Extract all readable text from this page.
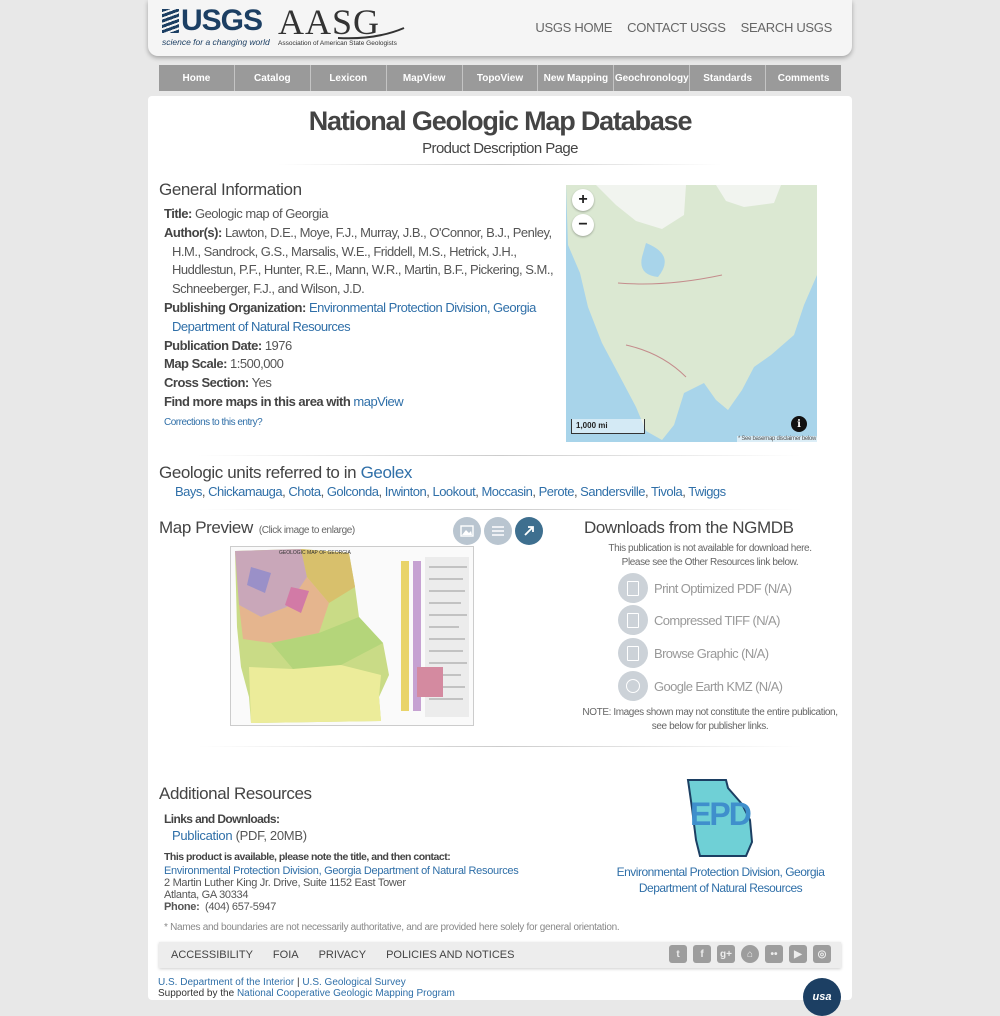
USGS
science for a changing world AASG
Association of American State Geologists
USGS HOME CONTACT USGS SEARCH USGS
Home	Catalog	Lexicon	MapView	TopoView	New Mapping Geochronology	Standards	Comments
National Geologic Map Database
Product Description Page
General Information
Title: Geologic map of Georgia
Author(s): Lawton, D.E., Moye, F.J., Murray, J.B., O'Connor, B.J., Penley, H.M., Sandrock, G.S., Marsalis, W.E., Friddell, M.S., Hetrick, J.H., Huddlestun, P.F., Hunter, R.E., Mann, W.R., Martin, B.F., Pickering, S.M., Schneeberger, F.J., and Wilson, J.D.
Publishing Organization: Environmental Protection Division, Georgia Department of Natural Resources
Publication Date: 1976
Map Scale: 1:500,000
Cross Section: Yes
Find more maps in this area with mapView
Corrections to this entry?
+
−
1,000 mi	i
* See basemap disclaimer below
Geologic units referred to in Geolex
Bays, Chickamauga, Chota, Golconda, Irwinton, Lookout, Moccasin, Perote, Sandersville, Tivola, Twiggs
Map Preview (Click image to enlarge)
GEOLOGIC MAP OF GEORGIA
Downloads from the NGMDB
This publication is not available for download here.
Please see the Other Resources link below.
Print Optimized PDF
(N/A)
Compressed TIFF
(N/A)
Browse Graphic
(N/A)
Google Earth KMZ
(N/A)
NOTE: Images shown may not constitute the entire publication,
see below for publisher links.
Additional Resources
Links and Downloads:
Publication (PDF, 20MB)
This product is available, please note the title, and then contact:
Environmental Protection Division, Georgia Department of Natural Resources
2 Martin Luther King Jr. Drive, Suite 1152 East Tower
Atlanta, GA 30334
Phone: (404) 657-5947
EPD
Environmental Protection Division, Georgia Department of Natural Resources
* Names and boundaries are not necessarily authoritative, and are provided here solely for general orientation.
ACCESSIBILITY FOIA PRIVACY POLICIES AND NOTICES	t	f	g+	⌂	••	▶	◎
U.S. Department of the Interior | U.S. Geological Survey
Supported by the National Cooperative Geologic Mapping Program	usa
